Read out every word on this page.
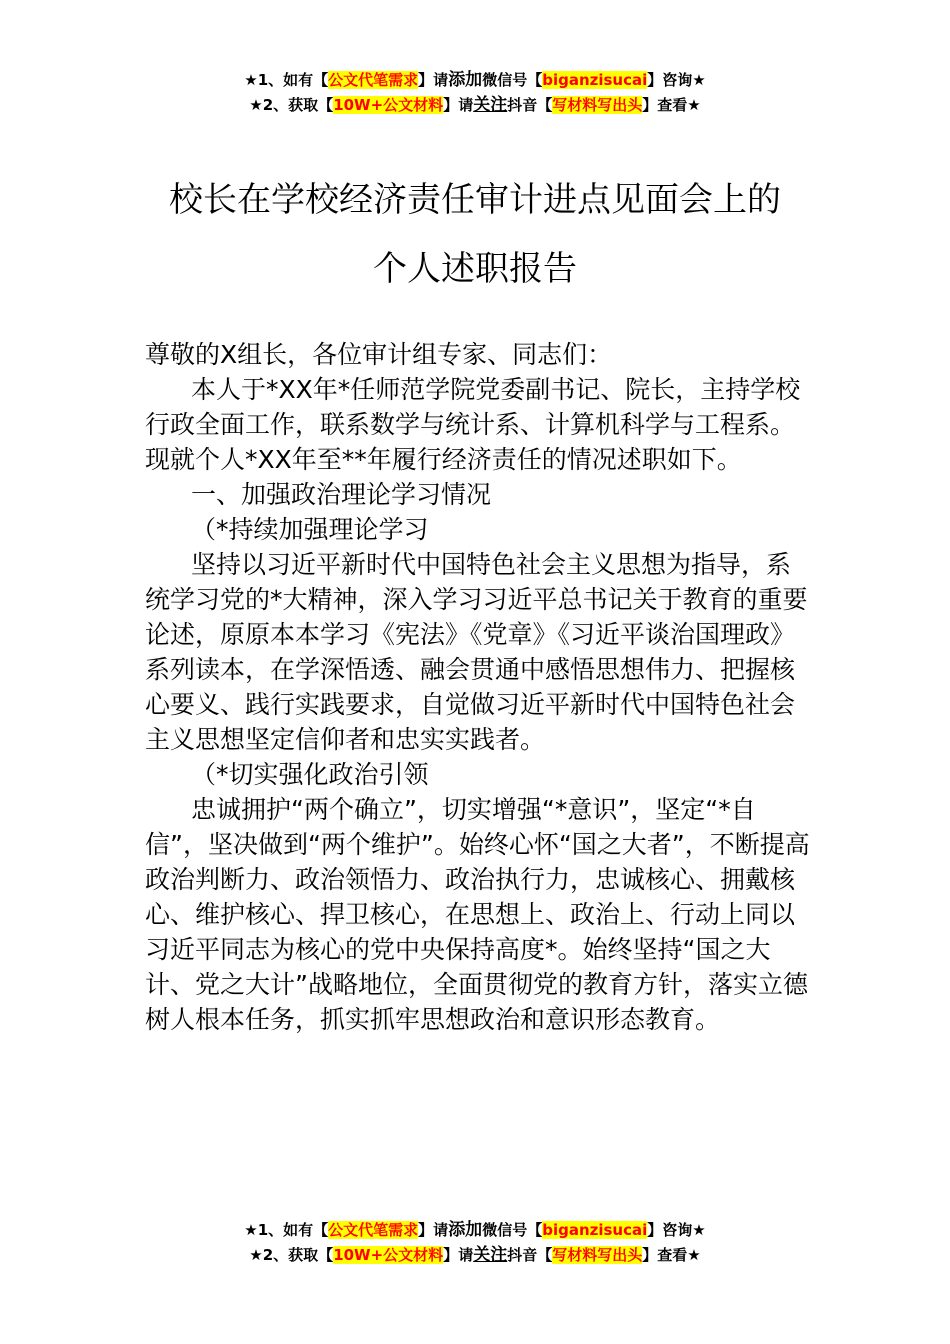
★1、如有【公文代笔需求】请添加微信号【biganzisucai】咨询★
★2、获取【10W+公文材料】请关注抖音【写材料写出头】查看★
校长在学校经济责任审计进点见面会上的
个人述职报告

尊敬的X组长，各位审计组专家、同志们：

本人于*XX年*任师范学院党委副书记、院长，主持学校行政全面工作，联系数学与统计系、计算机科学与工程系。现就个人*XX年至**年履行经济责任的情况述职如下。

一、加强政治理论学习情况

（*持续加强理论学习

坚持以习近平新时代中国特色社会主义思想为指导，系统学习党的*大精神，深入学习习近平总书记关于教育的重要论述，原原本本学习《宪法》《党章》《习近平谈治国理政》系列读本，在学深悟透、融会贯通中感悟思想伟力、把握核心要义、践行实践要求，自觉做习近平新时代中国特色社会主义思想坚定信仰者和忠实实践者。

（*切实强化政治引领

忠诚拥护“两个确立”，切实增强“*意识”，坚定“*自信”，坚决做到“两个维护”。始终心怀“国之大者”，不断提高政治判断力、政治领悟力、政治执行力，忠诚核心、拥戴核心、维护核心、捍卫核心，在思想上、政治上、行动上同以习近平同志为核心的党中央保持高度*。始终坚持“国之大计、党之大计”战略地位，全面贯彻党的教育方针，落实立德树人根本任务，抓实抓牢思想政治和意识形态教育。

★1、如有【公文代笔需求】请添加微信号【biganzisucai】咨询★
★2、获取【10W+公文材料】请关注抖音【写材料写出头】查看★
